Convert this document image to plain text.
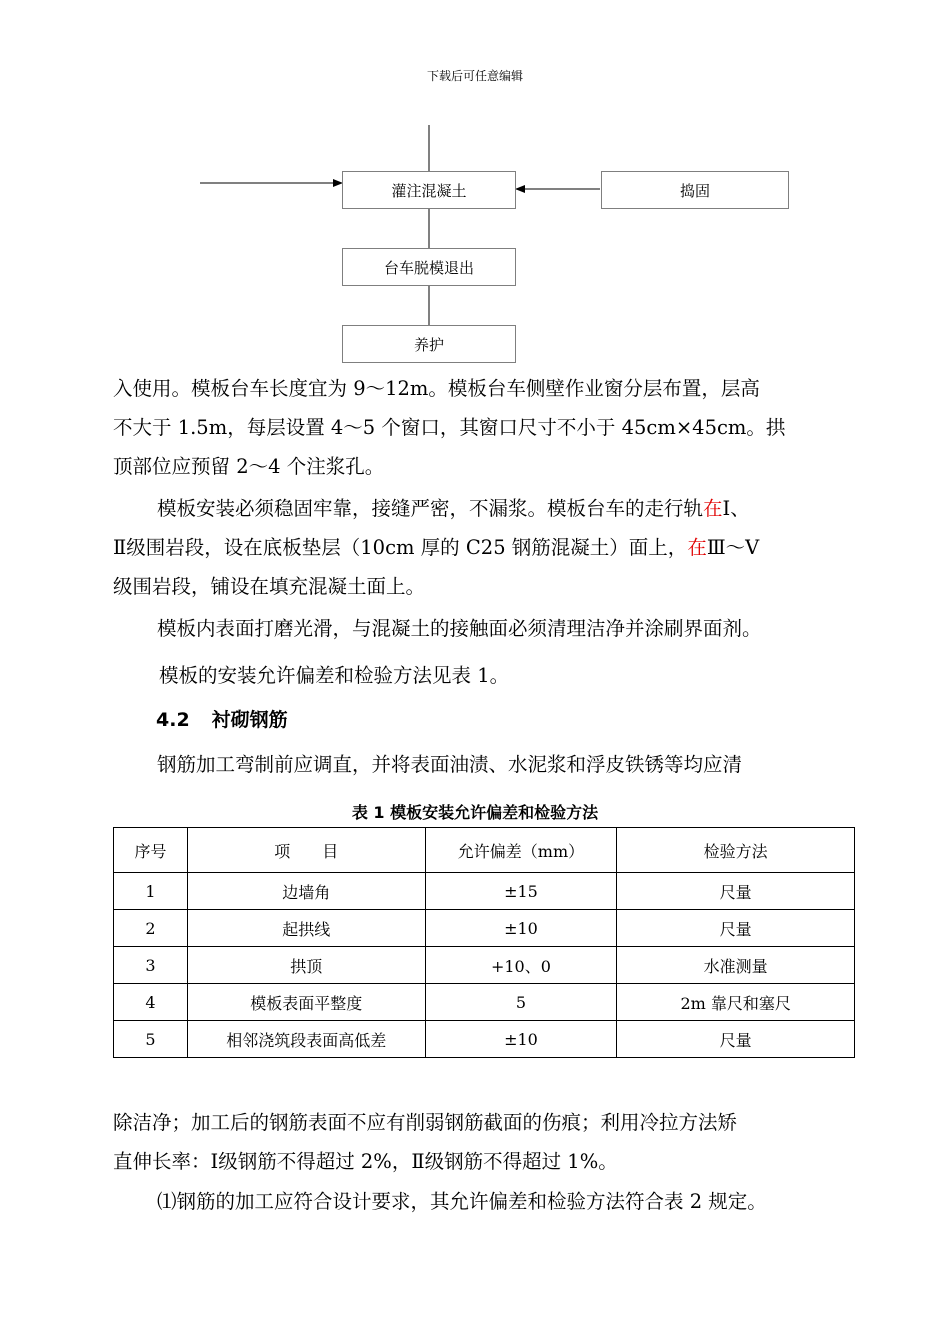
下载后可任意编辑
灌注混凝土	捣固
台车脱模退出
养护
入使用。模板台车长度宜为 9～12m。模板台车侧壁作业窗分层布置，层高
不大于 1.5m，每层设置 4～5 个窗口，其窗口尺寸不小于 45cm×45cm。拱
顶部位应预留 2～4 个注浆孔。
模板安装必须稳固牢靠，接缝严密，不漏浆。模板台车的走行轨在Ⅰ、
Ⅱ级围岩段，设在底板垫层（10cm 厚的 C25 钢筋混凝土）面上，在Ⅲ～Ⅴ
级围岩段，铺设在填充混凝土面上。
模板内表面打磨光滑，与混凝土的接触面必须清理洁净并涂刷界面剂。
模板的安装允许偏差和检验方法见表 1。
4.2 衬砌钢筋
钢筋加工弯制前应调直，并将表面油渍、水泥浆和浮皮铁锈等均应清
表 1 模板安装允许偏差和检验方法
序号	项　　目	允许偏差（mm）	检验方法
1	边墙角	±15	尺量
2	起拱线	±10	尺量
3	拱顶	+10、0	水准测量
4	模板表面平整度	5	2m 靠尺和塞尺
5	相邻浇筑段表面高低差	±10	尺量
除洁净；加工后的钢筋表面不应有削弱钢筋截面的伤痕；利用冷拉方法矫
直伸长率：Ⅰ级钢筋不得超过 2%，Ⅱ级钢筋不得超过 1%。
⑴钢筋的加工应符合设计要求，其允许偏差和检验方法符合表 2 规定。
